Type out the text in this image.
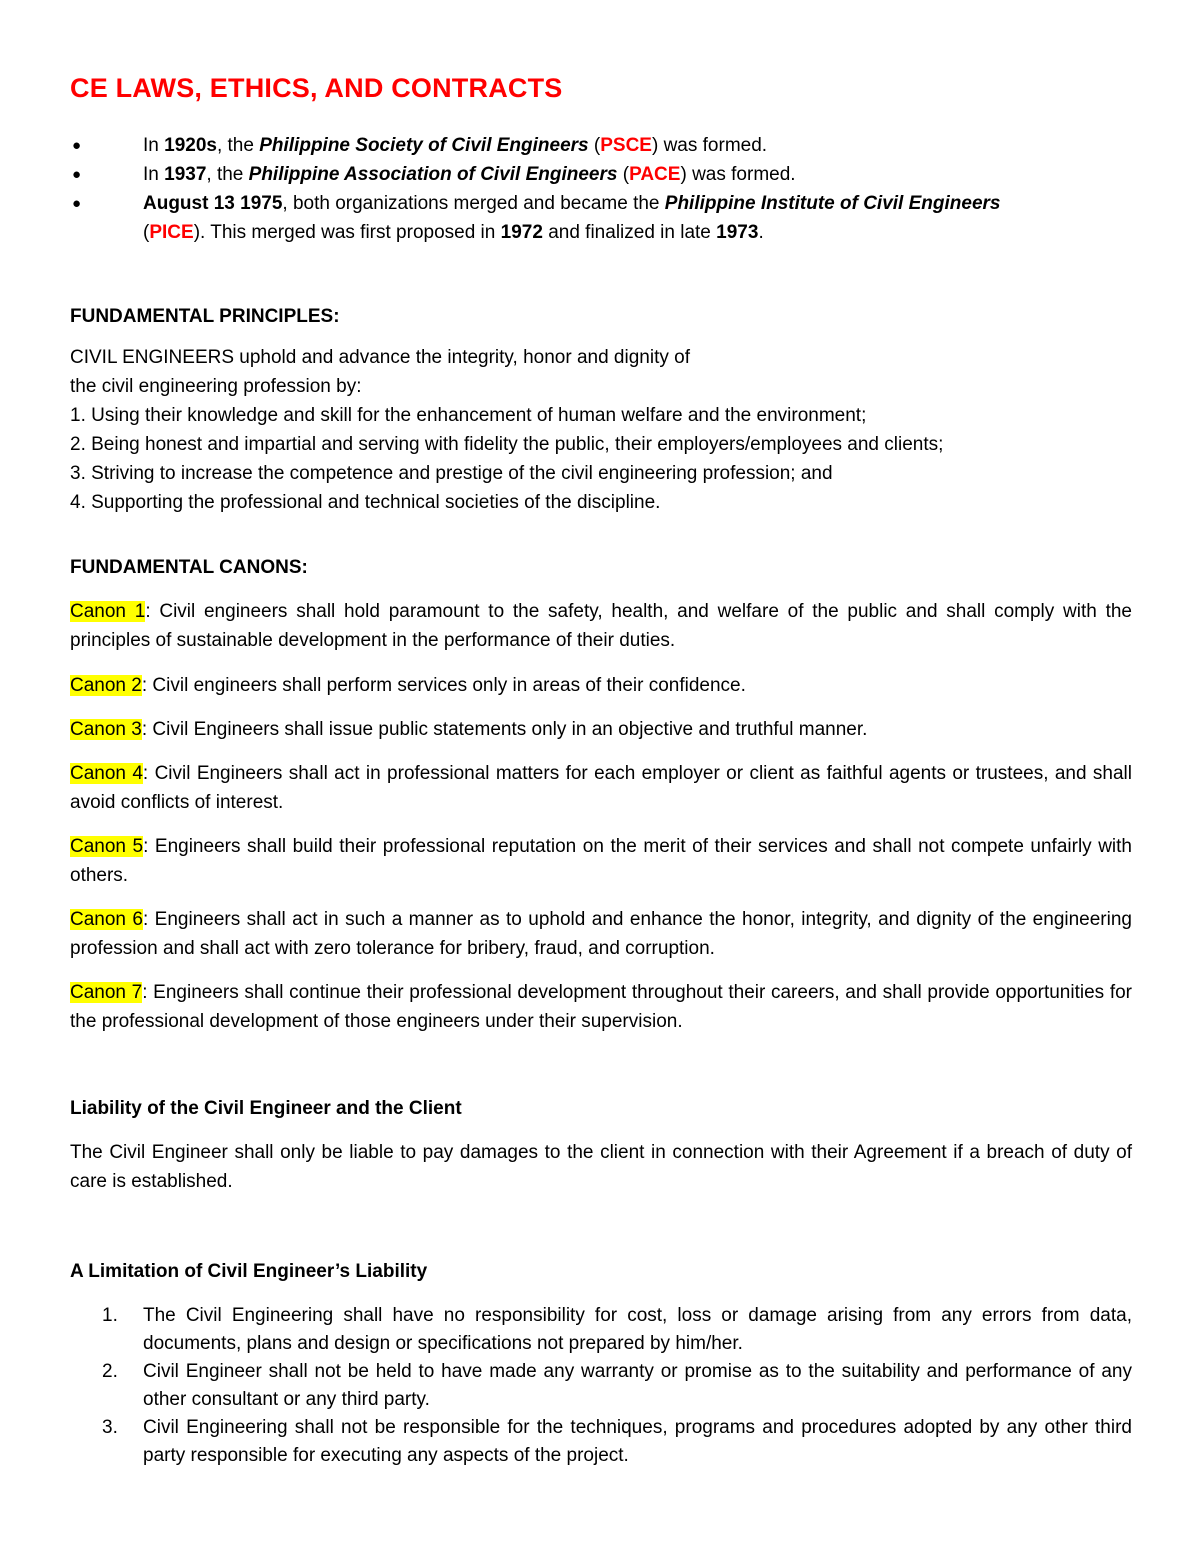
CE LAWS, ETHICS, AND CONTRACTS
●	In 1920s, the Philippine Society of Civil Engineers (PSCE) was formed.
●	In 1937, the Philippine Association of Civil Engineers (PACE) was formed.
●	August 13 1975, both organizations merged and became the Philippine Institute of Civil Engineers
(PICE). This merged was first proposed in 1972 and finalized in late 1973.
FUNDAMENTAL PRINCIPLES:

CIVIL ENGINEERS uphold and advance the integrity, honor and dignity of
the civil engineering profession by:
1. Using their knowledge and skill for the enhancement of human welfare and the environment;
2. Being honest and impartial and serving with fidelity the public, their employers/employees and clients;
3. Striving to increase the competence and prestige of the civil engineering profession; and
4. Supporting the professional and technical societies of the discipline.

FUNDAMENTAL CANONS:

Canon 1: Civil engineers shall hold paramount to the safety, health, and welfare of the public and shall comply with the principles of sustainable development in the performance of their duties.

Canon 2: Civil engineers shall perform services only in areas of their confidence.

Canon 3: Civil Engineers shall issue public statements only in an objective and truthful manner.

Canon 4: Civil Engineers shall act in professional matters for each employer or client as faithful agents or trustees, and shall avoid conflicts of interest.

Canon 5: Engineers shall build their professional reputation on the merit of their services and shall not compete unfairly with others.

Canon 6: Engineers shall act in such a manner as to uphold and enhance the honor, integrity, and dignity of the engineering profession and shall act with zero tolerance for bribery, fraud, and corruption.

Canon 7: Engineers shall continue their professional development throughout their careers, and shall provide opportunities for the professional development of those engineers under their supervision.

Liability of the Civil Engineer and the Client

The Civil Engineer shall only be liable to pay damages to the client in connection with their Agreement if a breach of duty of care is established.

A Limitation of Civil Engineer’s Liability
1. The Civil Engineering shall have no responsibility for cost, loss or damage arising from any errors from data, documents, plans and design or specifications not prepared by him/her.
2. Civil Engineer shall not be held to have made any warranty or promise as to the suitability and performance of any other consultant or any third party.
3. Civil Engineering shall not be responsible for the techniques, programs and procedures adopted by any other third party responsible for executing any aspects of the project.
